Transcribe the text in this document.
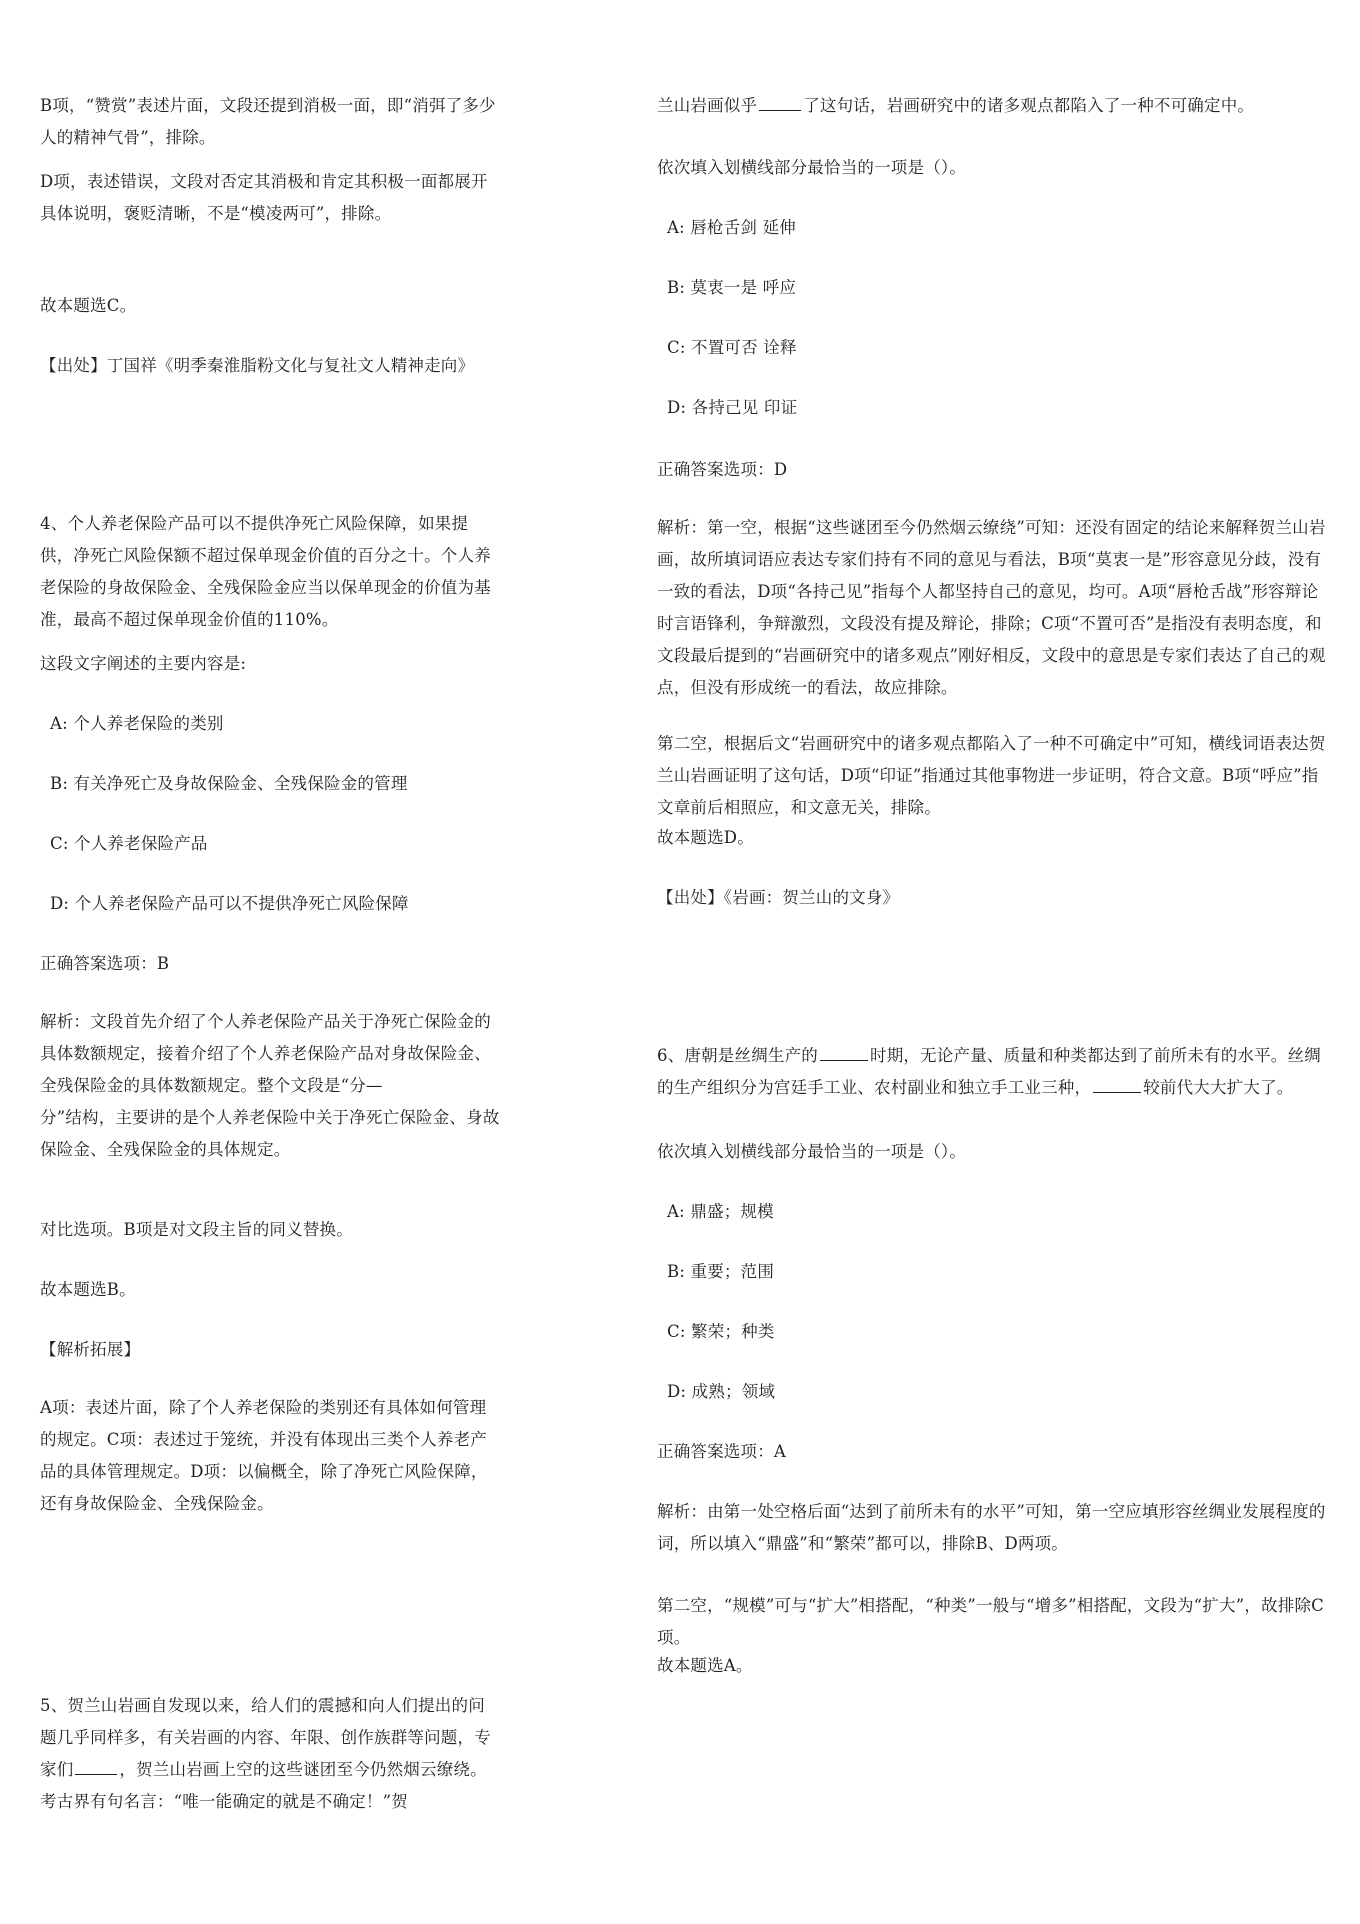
B项，“赞赏”表述片面，文段还提到消极一面，即“消弭了多少人的精神气骨”，排除。

D项，表述错误，文段对否定其消极和肯定其积极一面都展开具体说明，褒贬清晰，不是“模凌两可”，排除。

故本题选C。

【出处】丁国祥《明季秦淮脂粉文化与复社文人精神走向》

4、个人养老保险产品可以不提供净死亡风险保障，如果提供，净死亡风险保额不超过保单现金价值的百分之十。个人养老保险的身故保险金、全残保险金应当以保单现金的价值为基准，最高不超过保单现金价值的110%。

这段文字阐述的主要内容是:

A: 个人养老保险的类别

B: 有关净死亡及身故保险金、全残保险金的管理

C: 个人养老保险产品

D: 个人养老保险产品可以不提供净死亡风险保障

正确答案选项：B

解析：文段首先介绍了个人养老保险产品关于净死亡保险金的具体数额规定，接着介绍了个人养老保险产品对身故保险金、全残保险金的具体数额规定。整个文段是“分—

分”结构，主要讲的是个人养老保险中关于净死亡保险金、身故保险金、全残保险金的具体规定。

对比选项。B项是对文段主旨的同义替换。

故本题选B。

【解析拓展】

A项：表述片面，除了个人养老保险的类别还有具体如何管理的规定。C项：表述过于笼统，并没有体现出三类个人养老产品的具体管理规定。D项：以偏概全，除了净死亡风险保障，还有身故保险金、全残保险金。

5、贺兰山岩画自发现以来，给人们的震撼和向人们提出的问题几乎同样多，有关岩画的内容、年限、创作族群等问题，专家们	，贺兰山岩画上空的这些谜团至今仍然烟云缭绕。考古界有句名言：“唯一能确定的就是不确定！”贺

兰山岩画似乎	了这句话，岩画研究中的诸多观点都陷入了一种不可确定中。

依次填入划横线部分最恰当的一项是（）。

A: 唇枪舌剑 延伸

B: 莫衷一是 呼应

C: 不置可否 诠释

D: 各持己见 印证

正确答案选项：D

解析：第一空，根据“这些谜团至今仍然烟云缭绕”可知：还没有固定的结论来解释贺兰山岩画，故所填词语应表达专家们持有不同的意见与看法，B项“莫衷一是”形容意见分歧，没有一致的看法，D项“各持己见”指每个人都坚持自己的意见，均可。A项“唇枪舌战”形容辩论时言语锋利，争辩激烈，文段没有提及辩论，排除；C项“不置可否”是指没有表明态度，和文段最后提到的“岩画研究中的诸多观点”刚好相反，文段中的意思是专家们表达了自己的观点，但没有形成统一的看法，故应排除。

第二空，根据后文“岩画研究中的诸多观点都陷入了一种不可确定中”可知，横线词语表达贺兰山岩画证明了这句话，D项“印证”指通过其他事物进一步证明，符合文意。B项“呼应”指文章前后相照应，和文意无关，排除。

故本题选D。

【出处】《岩画：贺兰山的文身》

6、唐朝是丝绸生产的	时期，无论产量、质量和种类都达到了前所未有的水平。丝绸的生产组织分为宫廷手工业、农村副业和独立手工业三种，	较前代大大扩大了。

依次填入划横线部分最恰当的一项是（）。

A: 鼎盛；规模

B: 重要；范围

C: 繁荣；种类

D: 成熟；领域

正确答案选项：A

解析：由第一处空格后面“达到了前所未有的水平”可知，第一空应填形容丝绸业发展程度的词，所以填入“鼎盛”和“繁荣”都可以，排除B、D两项。

第二空，“规模”可与“扩大”相搭配，“种类”一般与“增多”相搭配，文段为“扩大”，故排除C项。

故本题选A。
